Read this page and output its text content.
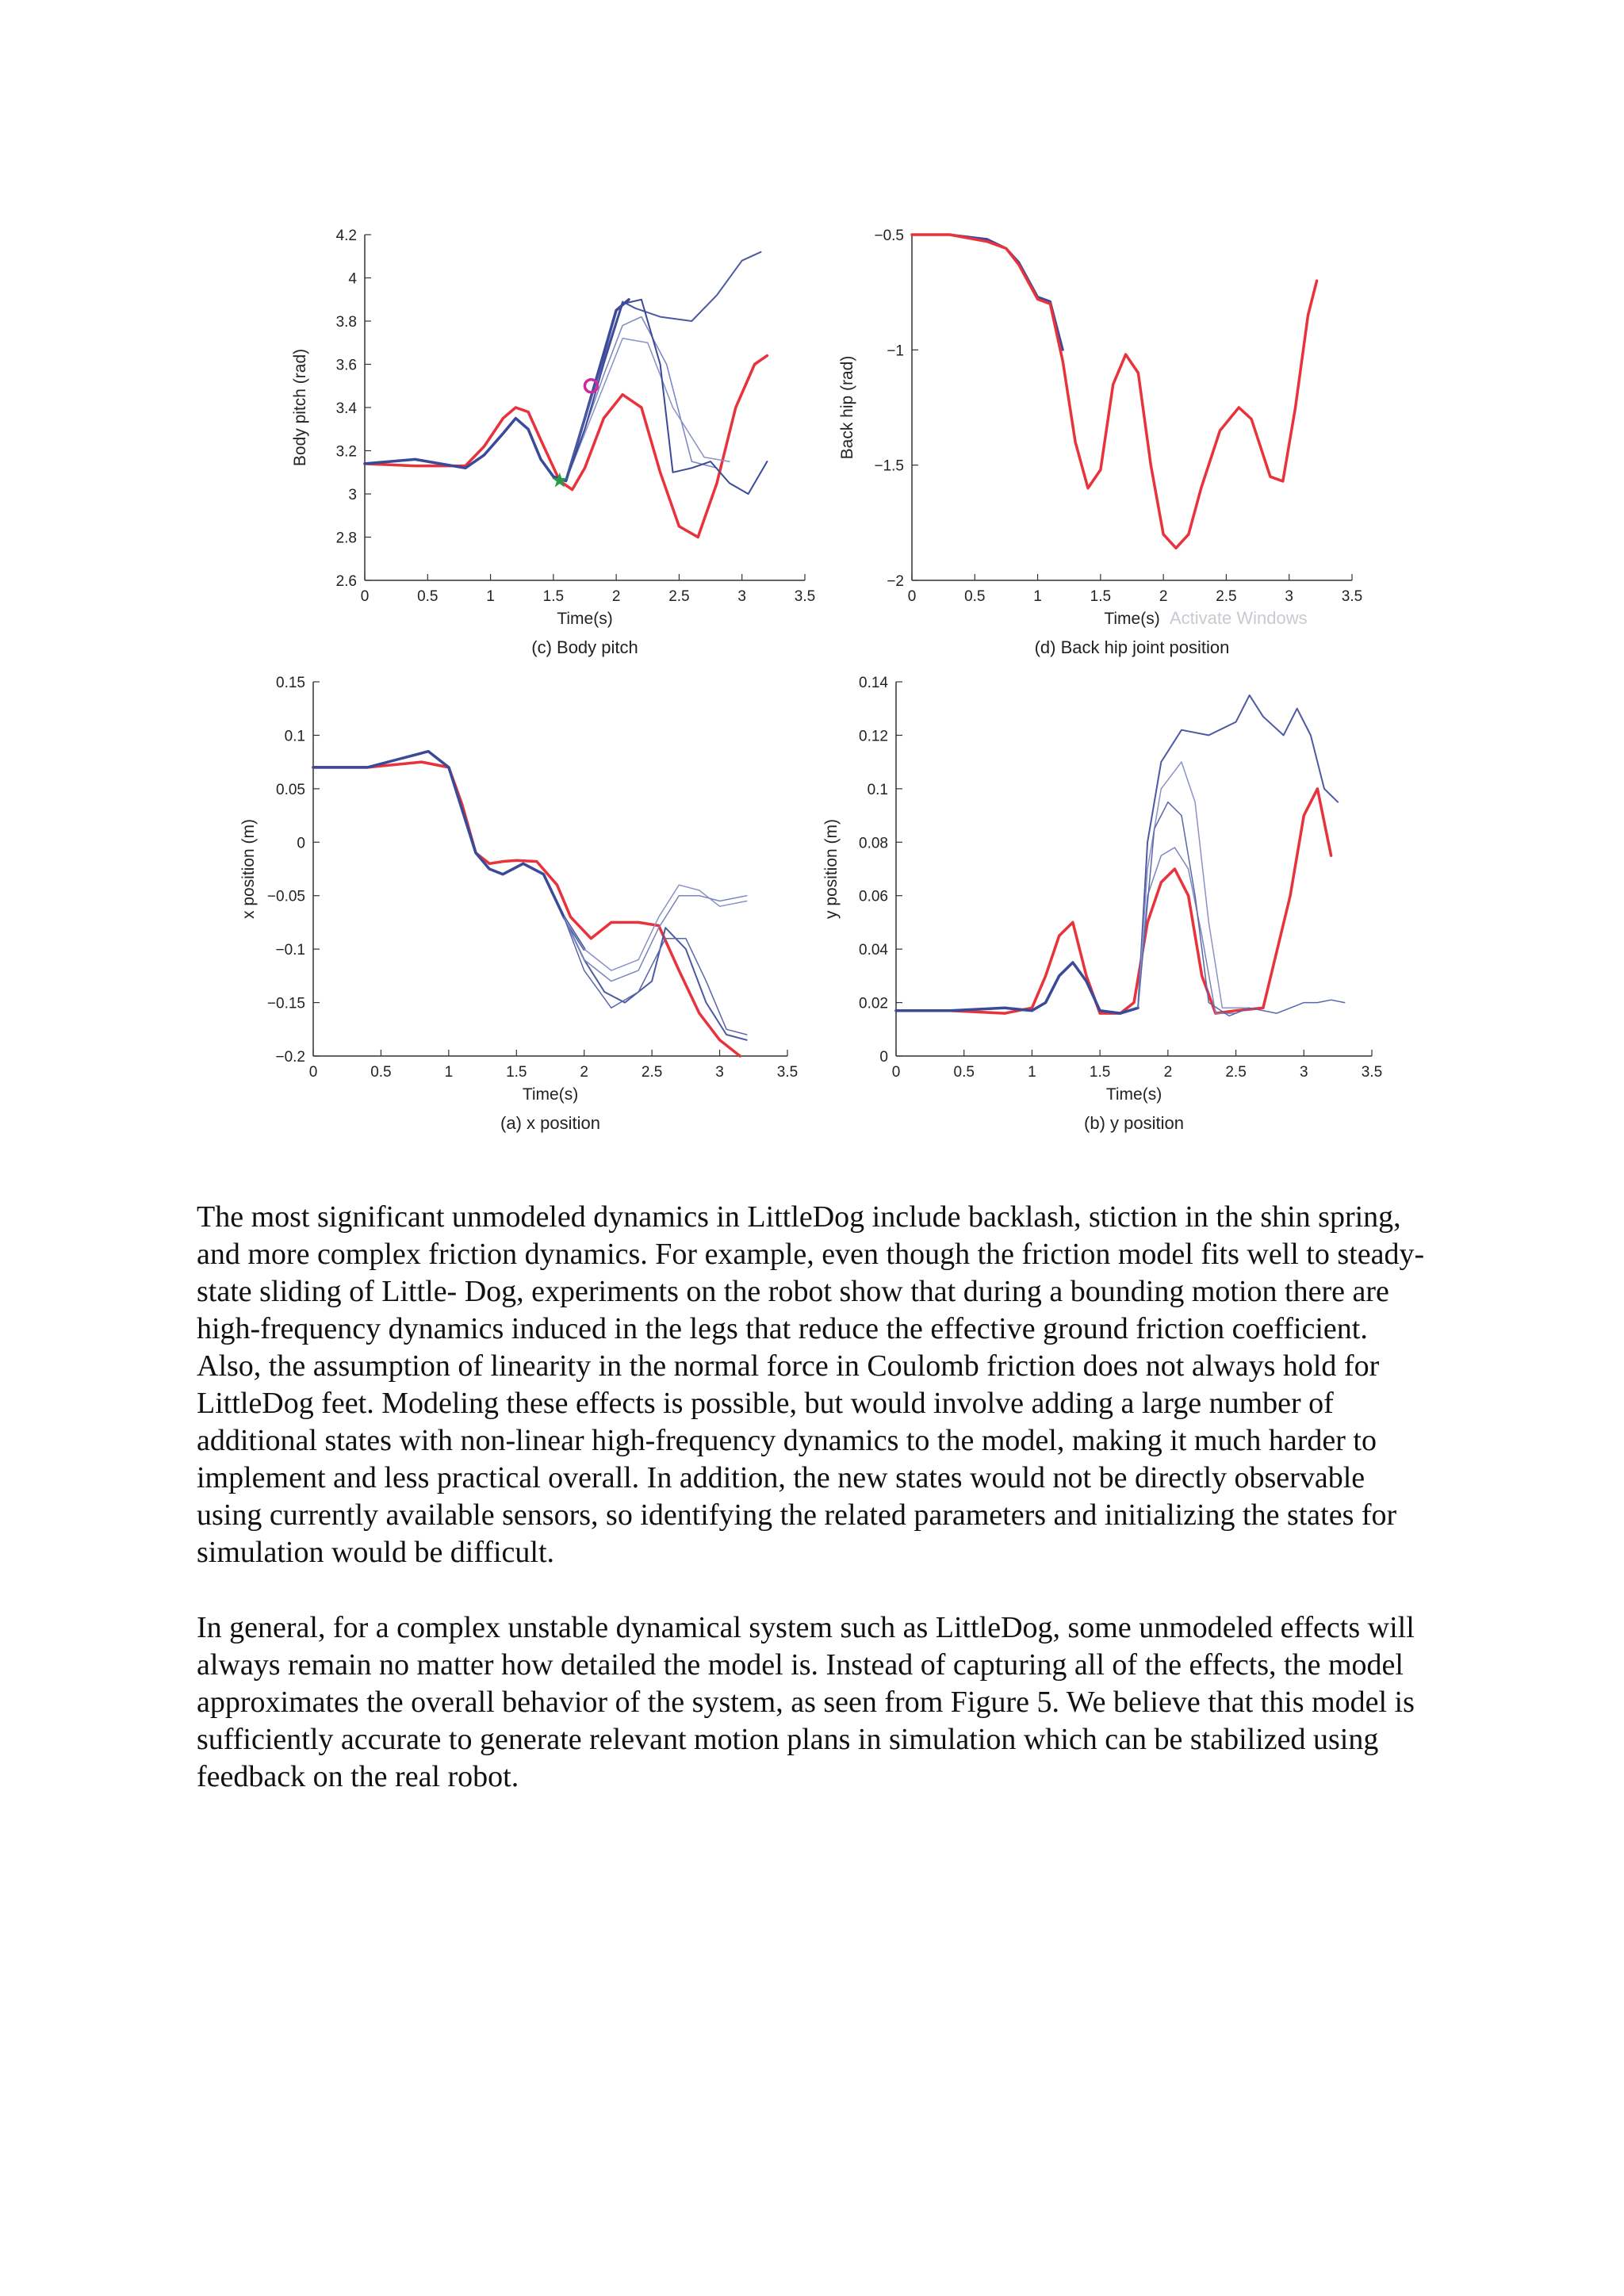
0	0.5	1	1.5	2	2.5	3	3.5
2.6
2.8
3
3.2
3.4
3.6
3.8
4
4.2
★
Time(s)
Body pitch (rad)
(c) Body pitch
0	0.5	1	1.5	2	2.5	3	3.5
−2
−1.5
−1
−0.5
Time(s)
Back hip (rad)
(d) Back hip joint position
Activate Windows
0	0.5	1	1.5	2	2.5	3	3.5
−0.2
−0.15
−0.1
−0.05
0
0.05
0.1
0.15
Time(s)
x position (m)
(a) x position
0	0.5	1	1.5	2	2.5	3	3.5
0
0.02
0.04
0.06
0.08
0.1
0.12
0.14
Time(s)
y position (m)
(b) y position

The most significant unmodeled dynamics in LittleDog include backlash, stiction in the shin spring, and more complex friction dynamics. For example, even though the friction model fits well to steady-state sliding of Little- Dog, experiments on the robot show that during a bounding motion there are high-frequency dynamics induced in the legs that reduce the effective ground friction coefficient. Also, the assumption of linearity in the normal force in Coulomb friction does not always hold for LittleDog feet. Modeling these effects is possible, but would involve adding a large number of additional states with non-linear high-frequency dynamics to the model, making it much harder to implement and less practical overall. In addition, the new states would not be directly observable using currently available sensors, so identifying the related parameters and initializing the states for simulation would be difficult.

In general, for a complex unstable dynamical system such as LittleDog, some unmodeled effects will always remain no matter how detailed the model is. Instead of capturing all of the effects, the model approximates the overall behavior of the system, as seen from Figure 5. We believe that this model is sufficiently accurate to generate relevant motion plans in simulation which can be stabilized using feedback on the real robot.
